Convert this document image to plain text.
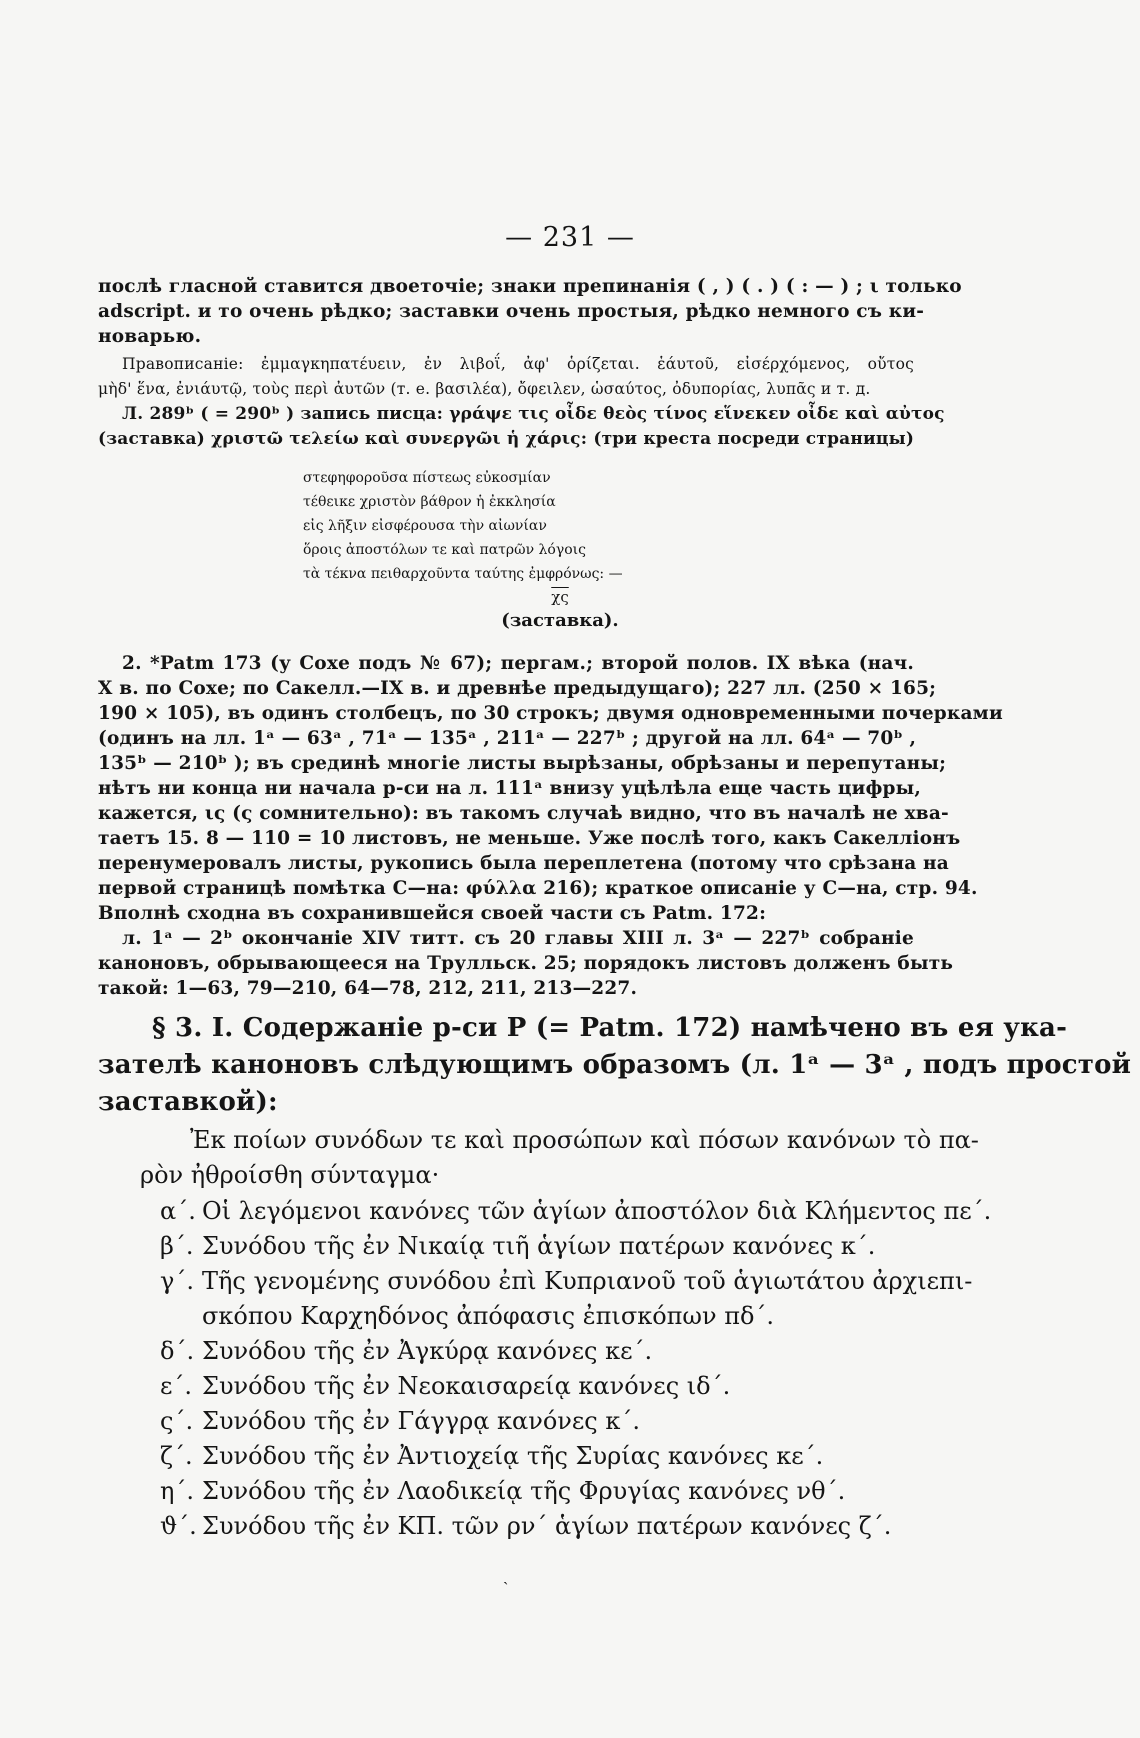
— 231 —
послѣ гласной ставится двоеточіе; знаки препинанія ( , ) ( . ) ( : — ) ; ι только
adscript. и то очень рѣдко; заставки очень простыя, рѣдко немного съ ки-
новарью.
Правописаніе: ἐμμαγκηπατέυειν, ἐν λιβοΐ, ἀφ' ὁρίζεται. ἑάυτοῦ, εἰσέρχόμενος, οὔτος
μὴδ' ἕνα, ἐνιάυτῷ, τοὺς περὶ ἀυτῶν (т. е. βασιλέα), ὄφειλεν, ὡσαύτος, ὀδυπορίας, λυπᾶς и т. д.
Л. 289ᵇ ( = 290ᵇ ) запись писца: γράψε τις οἶδε θεὸς τίνος εἵνεκεν οἶδε καὶ αὐτος
(заставка) χριστῶ τελείω καὶ συνεργῶι ἡ χάρις: (три креста посреди страницы)
στεφηφοροῦσα πίστεως εὐκοσμίαν
τέθεικε χριστὸν βάθρον ἡ ἐκκλησία
εἰς λῆξιν εἰσφέρουσα τὴν αἰωνίαν
ὅροις ἀποστόλων τε καὶ πατρῶν λόγοις
τὰ τέκνα πειθαρχοῦντα ταύτης ἐμφρόνως: —
$\overline{\chi\varsigma}$
(заставка).
2. *Patm 173 (у Сохе подъ № 67); пергам.; второй полов. IX вѣка (нач.
X в. по Сохе; по Сакелл.—IX в. и древнѣе предыдущаго); 227 лл. (250 × 165;
190 × 105), въ одинъ столбецъ, по 30 строкъ; двумя одновременными почерками
(одинъ на лл. 1ᵃ — 63ᵃ , 71ᵃ — 135ᵃ , 211ᵃ — 227ᵇ ; другой на лл. 64ᵃ — 70ᵇ ,
135ᵇ — 210ᵇ ); въ срединѣ многіе листы вырѣзаны, обрѣзаны и перепутаны;
нѣтъ ни конца ни начала р-си на л. 111ᵃ внизу уцѣлѣла еще часть цифры,
кажется, ις (ς сомнительно): въ такомъ случаѣ видно, что въ началѣ не хва-
таетъ 15. 8 — 110 = 10 листовъ, не меньше. Уже послѣ того, какъ Сакелліонъ
перенумеровалъ листы, рукопись была переплетена (потому что срѣзана на
первой страницѣ помѣтка С—на: φύλλα 216); краткое описаніе у С—на, стр. 94.
Вполнѣ сходна въ сохранившейся своей части съ Patm. 172:
л. 1ᵃ — 2ᵇ окончаніе XIV титт. съ 20 главы XIII л. 3ᵃ — 227ᵇ собраніе
каноновъ, обрывающееся на Трулльск. 25; порядокъ листовъ долженъ быть
такой: 1—63, 79—210, 64—78, 212, 211, 213—227.
§ 3. I. Содержаніе р-си P (= Patm. 172) намѣчено въ ея ука-
зателѣ каноновъ слѣдующимъ образомъ (л. 1ᵃ — 3ᵃ , подъ простой
заставкой):
Ἐκ ποίων συνόδων τε καὶ προσώπων καὶ πόσων κανόνων τὸ πα-
ρὸν ἠθροίσθη σύνταγμα·
α΄. Οἱ λεγόμενοι κανόνες τῶν ἁγίων ἀποστόλον διὰ Κλήμεντος πε΄.
β΄. Συνόδου τῆς ἐν Νικαίᾳ τιῆ ἁγίων πατέρων κανόνες κ΄.
γ΄. Τῆς γενομένης συνόδου ἐπὶ Κυπριανοῦ τοῦ ἁγιωτάτου ἀρχιεπι-
σκόπου Καρχηδόνος ἀπόφασις ἐπισκόπων πδ΄.
δ΄. Συνόδου τῆς ἐν Ἀγκύρᾳ κανόνες κε΄.
ε΄. Συνόδου τῆς ἐν Νεοκαισαρείᾳ κανόνες ιδ΄.
ς΄. Συνόδου τῆς ἐν Γάγγρᾳ κανόνες κ΄.
ζ΄. Συνόδου τῆς ἐν Ἀντιοχείᾳ τῆς Συρίας κανόνες κε΄.
η΄. Συνόδου τῆς ἐν Λαοδικείᾳ τῆς Φρυγίας κανόνες νθ΄.
ϑ΄. Συνόδου τῆς ἐν ΚΠ. τῶν ρν΄ ἁγίων πατέρων κανόνες ζ΄.
ˎ
